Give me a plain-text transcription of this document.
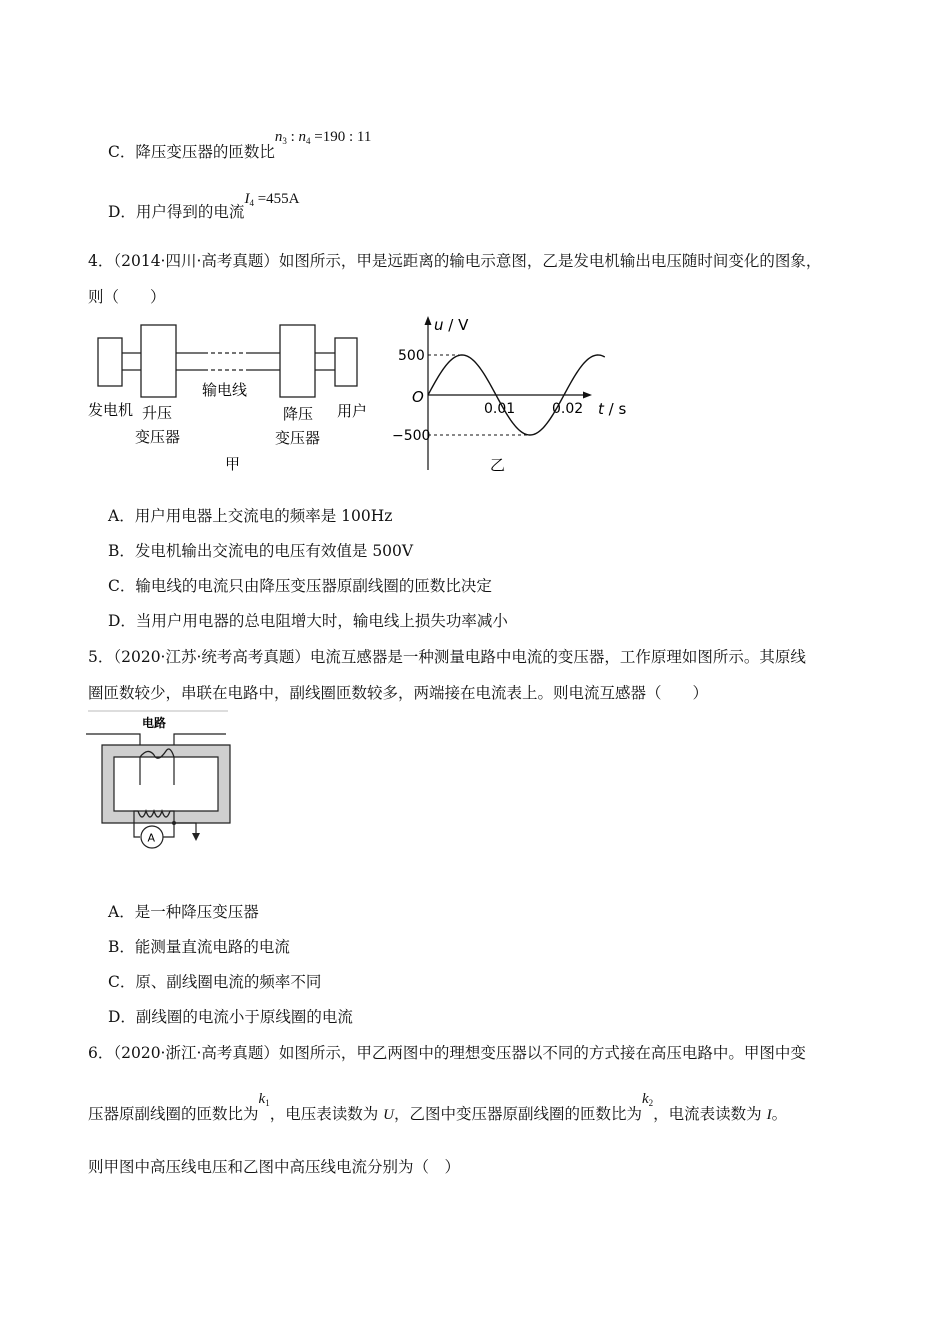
C．降压变压器的匝数比$n_3$ : $n_4 =190$ : 11
D．用户得到的电流$I_4 =455A$
4．（2014·四川·高考真题）如图所示，甲是远距离的输电示意图，乙是发电机输出电压随时间变化的图象，
则（　　）
发电机 升压
变压器
输电线
降压
变压器
用户
甲
u / V
t / s
O
500
−500
0.01	0.02
乙
A．用户用电器上交流电的频率是 100Hz
B．发电机输出交流电的电压有效值是 500V
C．输电线的电流只由降压变压器原副线圈的匝数比决定
D．当用户用电器的总电阻增大时，输电线上损失功率减小
5．（2020·江苏·统考高考真题）电流互感器是一种测量电路中电流的变压器，工作原理如图所示。其原线
圈匝数较少，串联在电路中，副线圈匝数较多，两端接在电流表上。则电流互感器（　　）
电路
A
A．是一种降压变压器
B．能测量直流电路的电流
C．原、副线圈电流的频率不同
D．副线圈的电流小于原线圈的电流
6．（2020·浙江·高考真题）如图所示，甲乙两图中的理想变压器以不同的方式接在高压电路中。甲图中变
压器原副线圈的匝数比为$k_1$，电压表读数为 U，乙图中变压器原副线圈的匝数比为$k_2$，电流表读数为 I。
则甲图中高压线电压和乙图中高压线电流分别为（　）
